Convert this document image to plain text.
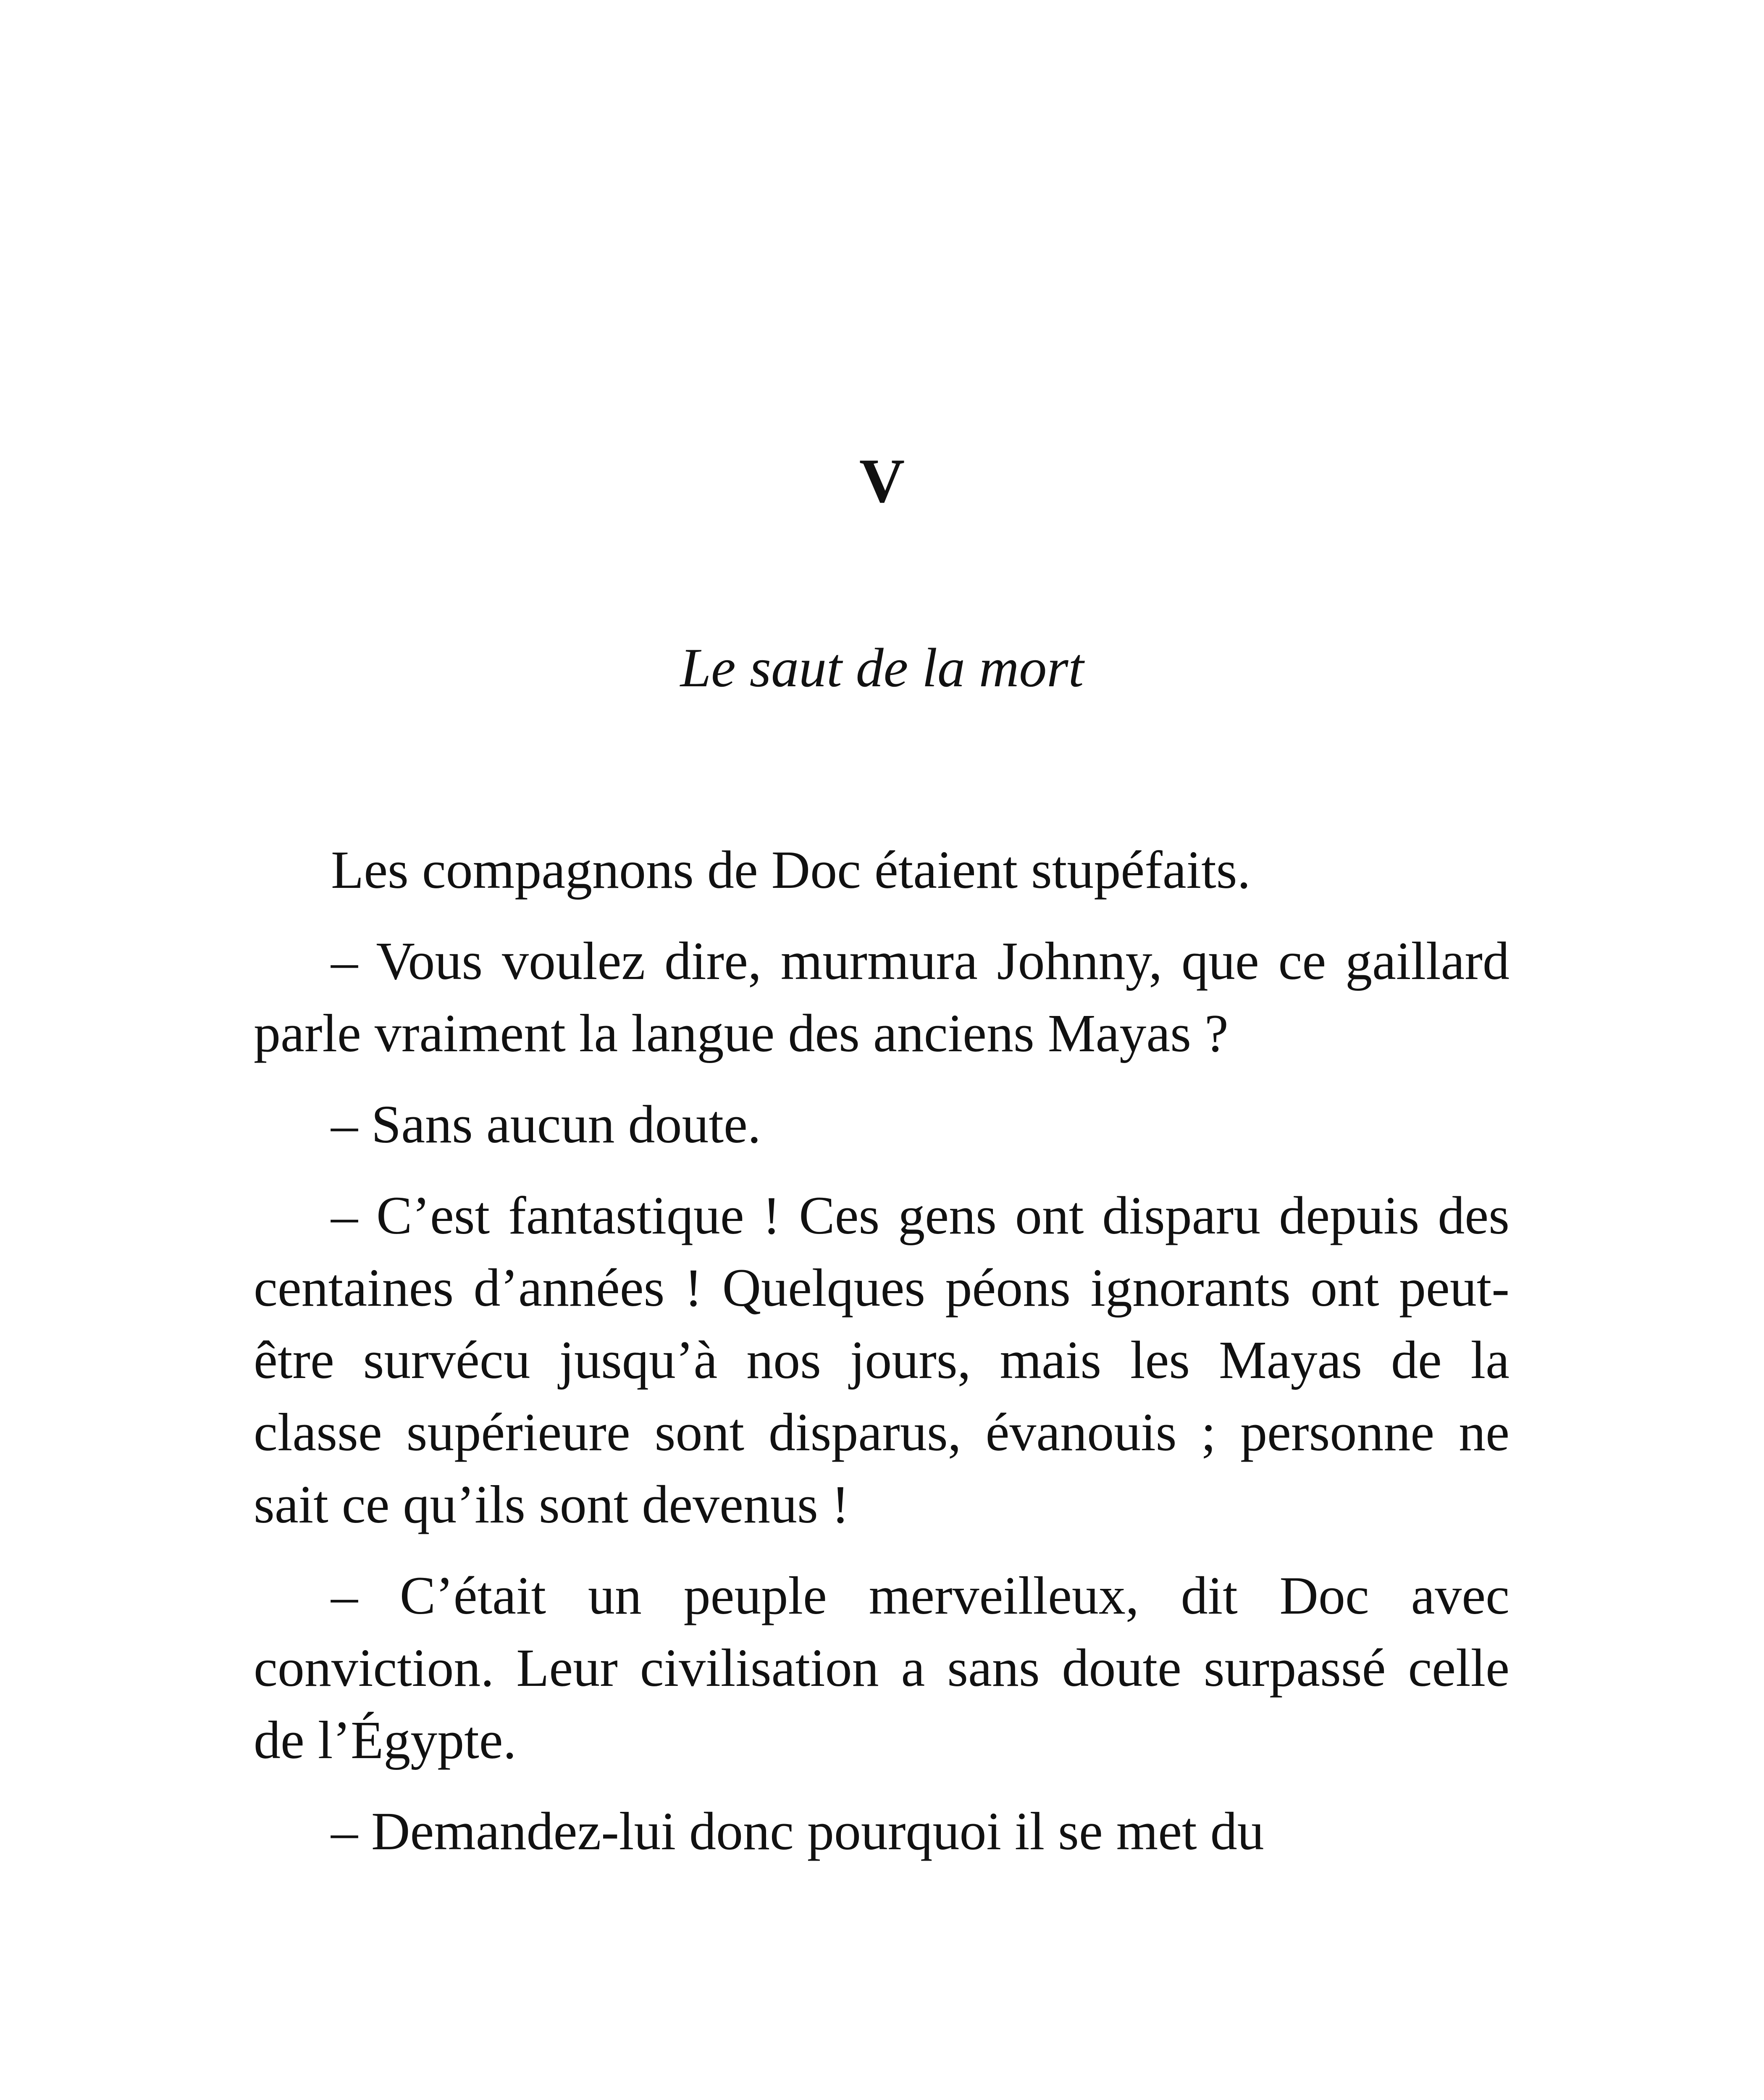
V
Le saut de la mort

Les compagnons de Doc étaient stupéfaits.

– Vous voulez dire, murmura Johnny, que ce gaillard parle vraiment la langue des anciens Mayas ?

– Sans aucun doute.

– C’est fantastique ! Ces gens ont disparu depuis des centaines d’années ! Quelques péons ignorants ont peut-être survécu jusqu’à nos jours, mais les Mayas de la classe supérieure sont disparus, évanouis ; personne ne sait ce qu’ils sont devenus !

– C’était un peuple merveilleux, dit Doc avec conviction. Leur civilisation a sans doute surpassé celle de l’Égypte.

– Demandez-lui donc pourquoi il se met du
